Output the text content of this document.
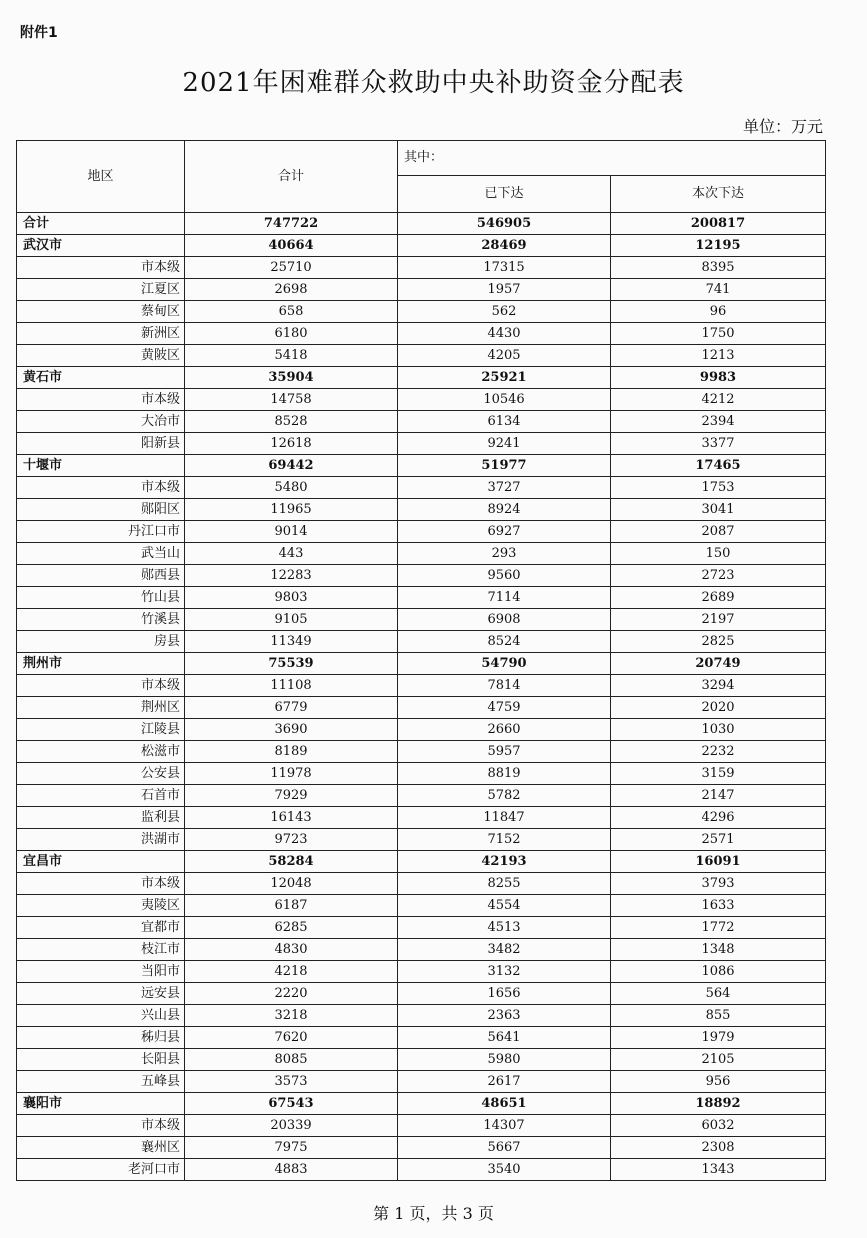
附件1
2021年困难群众救助中央补助资金分配表
单位：万元
地区	合计	其中：	
		已下达	本次下达
合计	747722	546905	200817
武汉市	40664	28469	12195
市本级	25710	17315	8395
江夏区	2698	1957	741
蔡甸区	658	562	96
新洲区	6180	4430	1750
黄陂区	5418	4205	1213
黄石市	35904	25921	9983
市本级	14758	10546	4212
大冶市	8528	6134	2394
阳新县	12618	9241	3377
十堰市	69442	51977	17465
市本级	5480	3727	1753
郧阳区	11965	8924	3041
丹江口市	9014	6927	2087
武当山	443	293	150
郧西县	12283	9560	2723
竹山县	9803	7114	2689
竹溪县	9105	6908	2197
房县	11349	8524	2825
荆州市	75539	54790	20749
市本级	11108	7814	3294
荆州区	6779	4759	2020
江陵县	3690	2660	1030
松滋市	8189	5957	2232
公安县	11978	8819	3159
石首市	7929	5782	2147
监利县	16143	11847	4296
洪湖市	9723	7152	2571
宜昌市	58284	42193	16091
市本级	12048	8255	3793
夷陵区	6187	4554	1633
宜都市	6285	4513	1772
枝江市	4830	3482	1348
当阳市	4218	3132	1086
远安县	2220	1656	564
兴山县	3218	2363	855
秭归县	7620	5641	1979
长阳县	8085	5980	2105
五峰县	3573	2617	956
襄阳市	67543	48651	18892
市本级	20339	14307	6032
襄州区	7975	5667	2308
老河口市	4883	3540	1343
第 1 页，共 3 页
